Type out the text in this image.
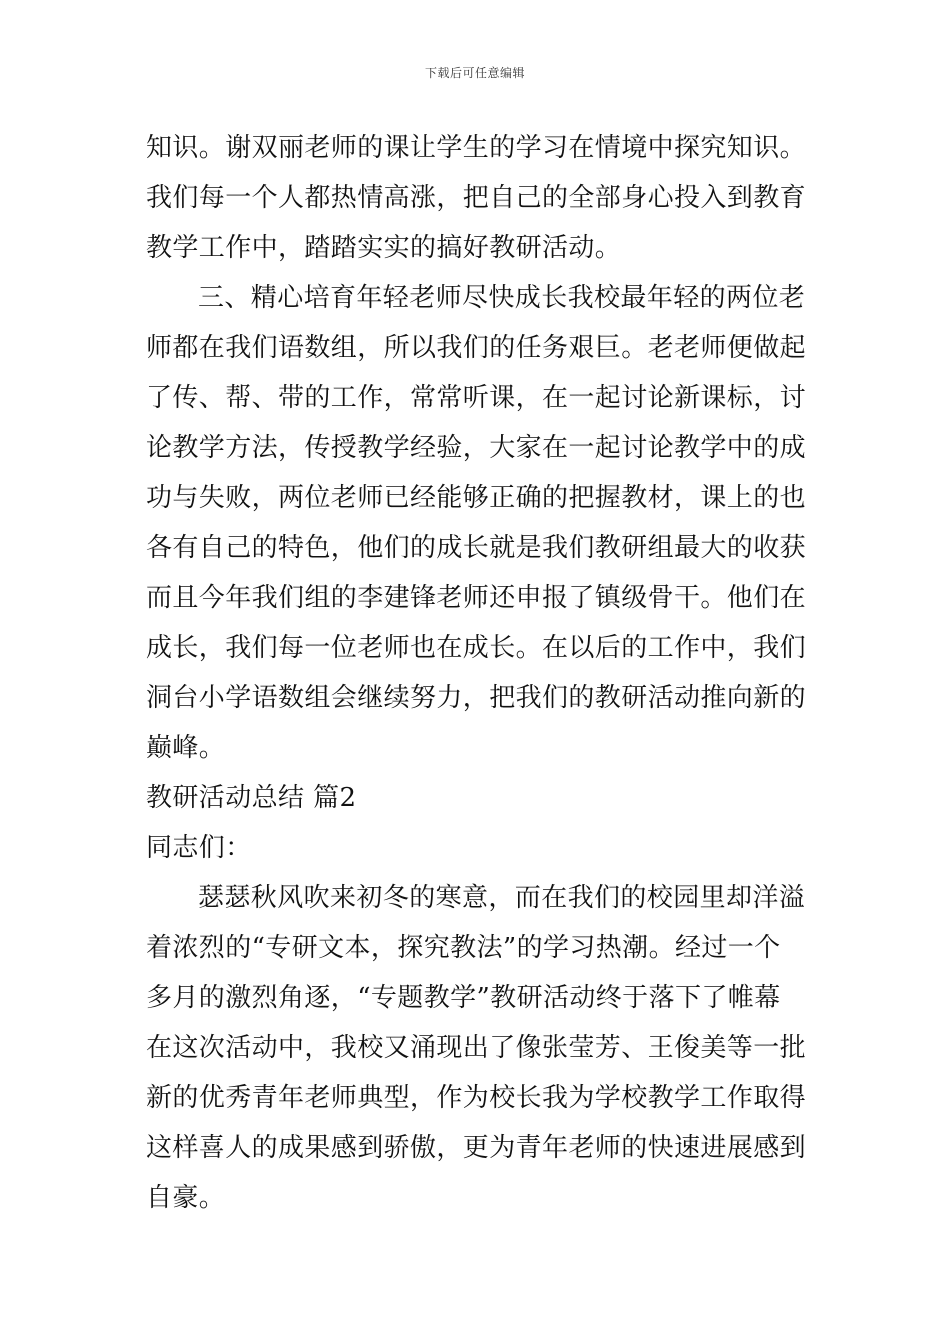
下载后可任意编辑
知识。谢双丽老师的课让学生的学习在情境中探究知识。
我们每一个人都热情高涨，把自己的全部身心投入到教育
教学工作中，踏踏实实的搞好教研活动。
三、精心培育年轻老师尽快成长我校最年轻的两位老
师都在我们语数组，所以我们的任务艰巨。老老师便做起
了传、帮、带的工作，常常听课，在一起讨论新课标，讨
论教学方法，传授教学经验，大家在一起讨论教学中的成
功与失败，两位老师已经能够正确的把握教材，课上的也
各有自己的特色，他们的成长就是我们教研组最大的收获
而且今年我们组的李建锋老师还申报了镇级骨干。他们在
成长，我们每一位老师也在成长。在以后的工作中，我们
洞台小学语数组会继续努力，把我们的教研活动推向新的
巅峰。
教研活动总结 篇2
同志们：
瑟瑟秋风吹来初冬的寒意，而在我们的校园里却洋溢
着浓烈的“专研文本，探究教法”的学习热潮。经过一个
多月的激烈角逐，“专题教学”教研活动终于落下了帷幕
在这次活动中，我校又涌现出了像张莹芳、王俊美等一批
新的优秀青年老师典型，作为校长我为学校教学工作取得
这样喜人的成果感到骄傲，更为青年老师的快速进展感到
自豪。
